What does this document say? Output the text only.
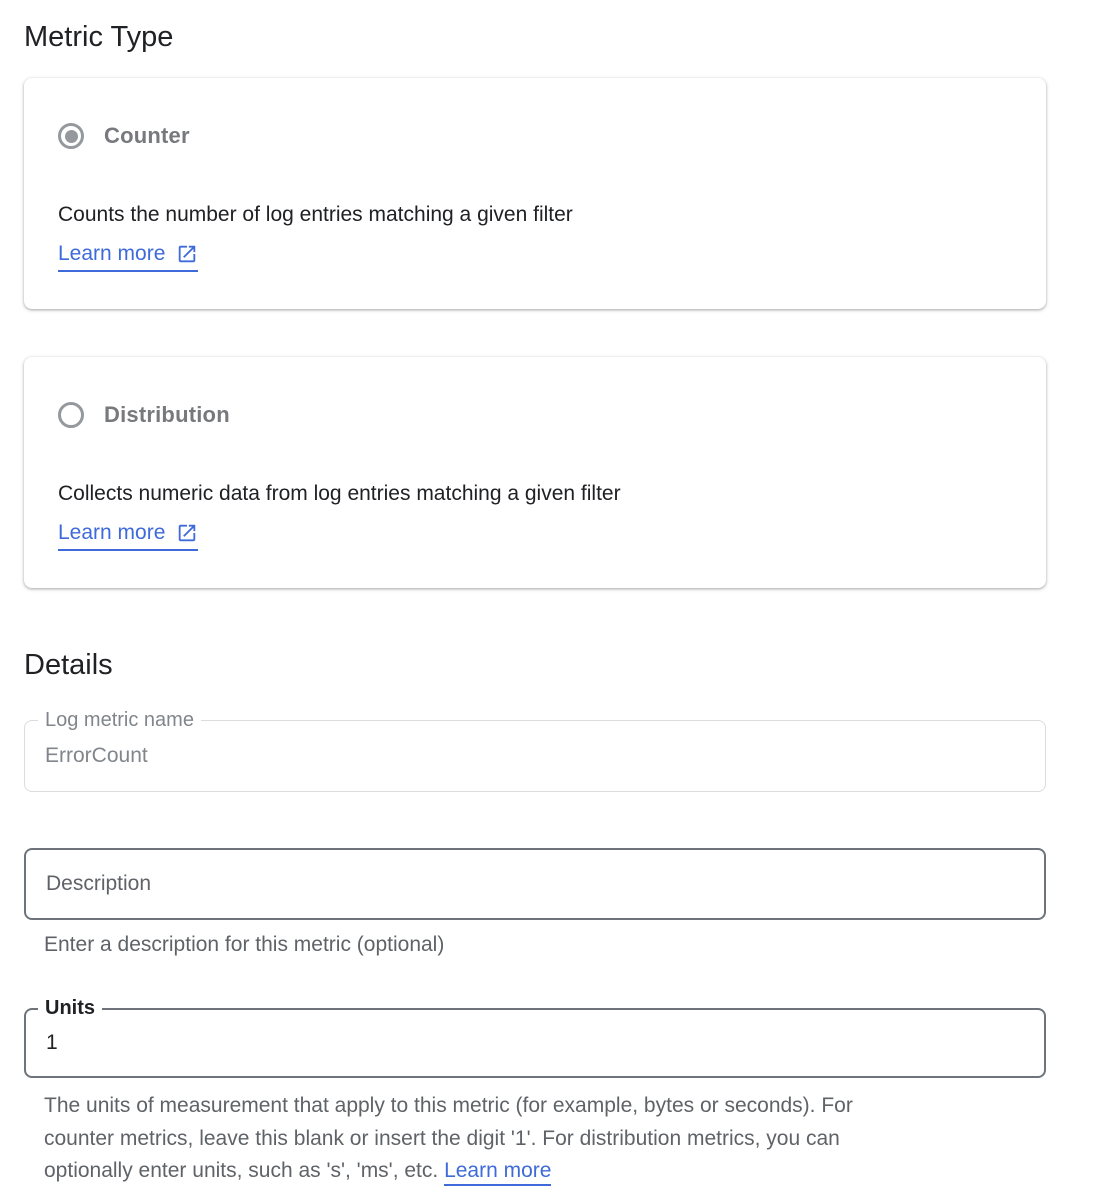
Metric Type
Counter

Counts the number of log entries matching a given filter

Learn more
Distribution

Collects numeric data from log entries matching a given filter

Learn more
Details
Log metric name
ErrorCount
Description
Enter a description for this metric (optional)
Units
1
The units of measurement that apply to this metric (for example, bytes or seconds). For
counter metrics, leave this blank or insert the digit '1'. For distribution metrics, you can
optionally enter units, such as 's', 'ms', etc. Learn more
